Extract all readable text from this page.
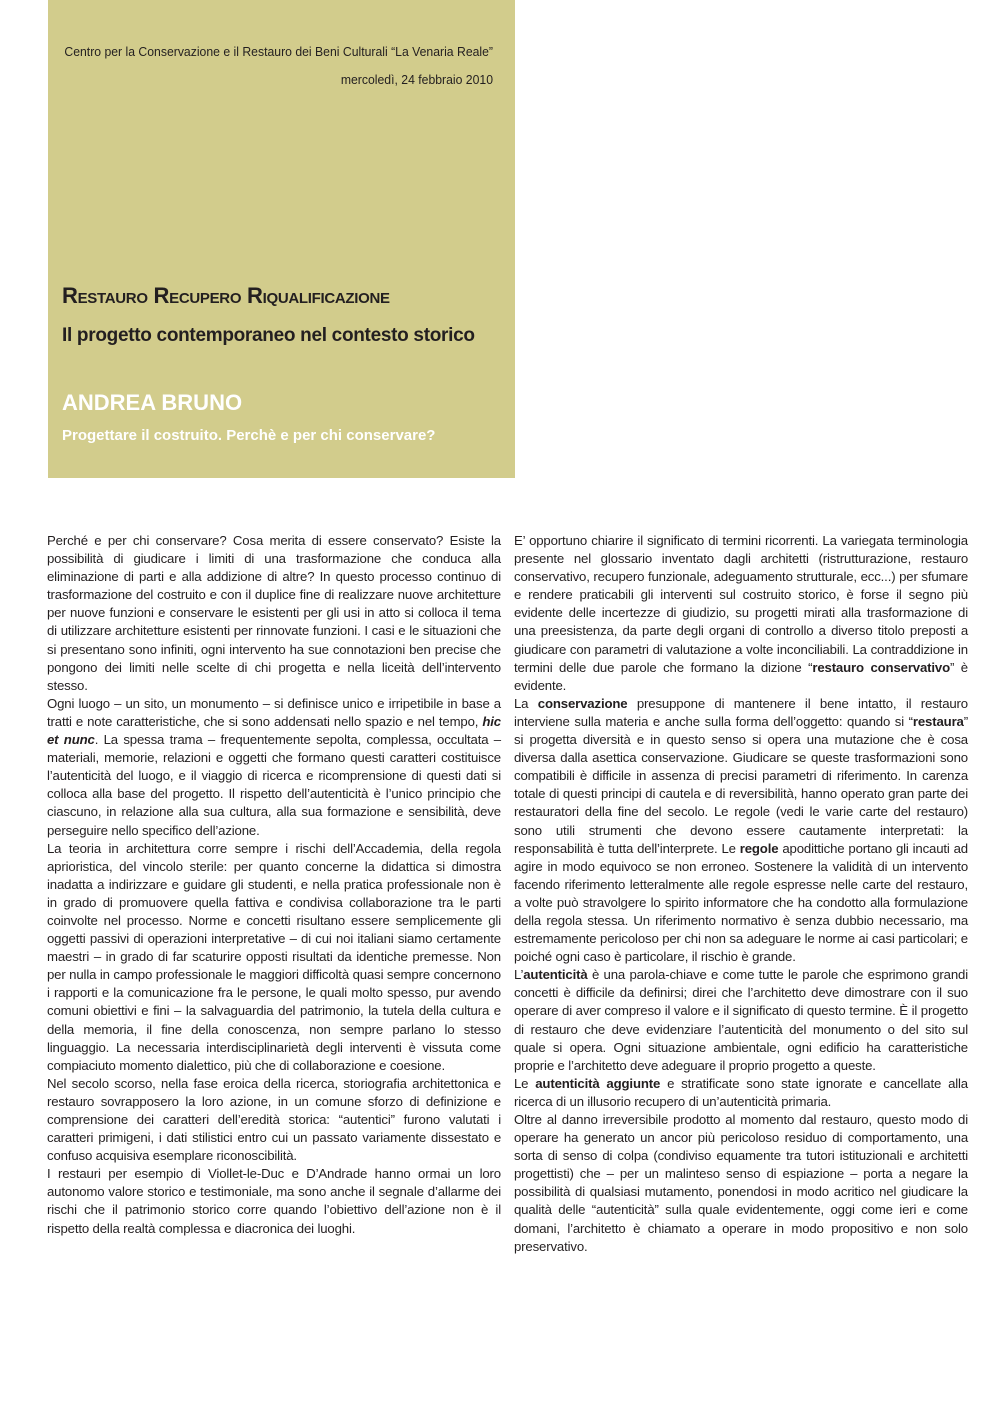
Centro per la Conservazione e il Restauro dei Beni Culturali “La Venaria Reale”
mercoledì, 24 febbraio 2010
Restauro Recupero Riqualificazione
Il progetto contemporaneo nel contesto storico
ANDREA BRUNO
Progettare il costruito. Perchè e per chi conservare?

Perché e per chi conservare? Cosa merita di essere conservato? Esiste la possibilità di giudicare i limiti di una trasformazione che conduca alla eliminazione di parti e alla addizione di altre? In questo processo continuo di trasformazione del costruito e con il duplice fine di realizzare nuove architetture per nuove funzioni e conservare le esistenti per gli usi in atto si colloca il tema di utilizzare architetture esistenti per rinnovate funzioni. I casi e le situazioni che si presentano sono infiniti, ogni intervento ha sue connotazioni ben precise che pongono dei limiti nelle scelte di chi progetta e nella liceità dell’intervento stesso.

Ogni luogo – un sito, un monumento – si definisce unico e irripetibile in base a tratti e note caratteristiche, che si sono addensati nello spazio e nel tempo, hic et nunc. La spessa trama – frequentemente sepolta, complessa, occultata – materiali, memorie, relazioni e oggetti che formano questi caratteri costituisce l’autenticità del luogo, e il viaggio di ricerca e ricomprensione di questi dati si colloca alla base del progetto. Il rispetto dell’autenticità è l’unico principio che ciascuno, in relazione alla sua cultura, alla sua formazione e sensibilità, deve perseguire nello specifico dell’azione.

La teoria in architettura corre sempre i rischi dell’Accademia, della regola aprioristica, del vincolo sterile: per quanto concerne la didattica si dimostra inadatta a indirizzare e guidare gli studenti, e nella pratica professionale non è in grado di promuovere quella fattiva e condivisa collaborazione tra le parti coinvolte nel processo. Norme e concetti risultano essere semplicemente gli oggetti passivi di operazioni interpretative – di cui noi italiani siamo certamente maestri – in grado di far scaturire opposti risultati da identiche premesse. Non per nulla in campo professionale le maggiori difficoltà quasi sempre concernono i rapporti e la comunicazione fra le persone, le quali molto spesso, pur avendo comuni obiettivi e fini – la salvaguardia del patrimonio, la tutela della cultura e della memoria, il fine della conoscenza, non sempre parlano lo stesso linguaggio. La necessaria interdisciplinarietà degli interventi è vissuta come compiaciuto momento dialettico, più che di collaborazione e coesione.

Nel secolo scorso, nella fase eroica della ricerca, storiografia architettonica e restauro sovrapposero la loro azione, in un comune sforzo di definizione e comprensione dei caratteri dell’eredità storica: “autentici” furono valutati i caratteri primigeni, i dati stilistici entro cui un passato variamente dissestato e confuso acquisiva esemplare riconoscibilità.

I restauri per esempio di Viollet-le-Duc e D’Andrade hanno ormai un loro autonomo valore storico e testimoniale, ma sono anche il segnale d’allarme dei rischi che il patrimonio storico corre quando l’obiettivo dell’azione non è il rispetto della realtà complessa e diacronica dei luoghi.

E’ opportuno chiarire il significato di termini ricorrenti. La variegata terminologia presente nel glossario inventato dagli architetti (ristrutturazione, restauro conservativo, recupero funzionale, adeguamento strutturale, ecc...) per sfumare e rendere praticabili gli interventi sul costruito storico, è forse il segno più evidente delle incertezze di giudizio, su progetti mirati alla trasformazione di una preesistenza, da parte degli organi di controllo a diverso titolo preposti a giudicare con parametri di valutazione a volte inconciliabili. La contraddizione in termini delle due parole che formano la dizione “restauro conservativo” è evidente.

La conservazione presuppone di mantenere il bene intatto, il restauro interviene sulla materia e anche sulla forma dell’oggetto: quando si “restaura” si progetta diversità e in questo senso si opera una mutazione che è cosa diversa dalla asettica conservazione. Giudicare se queste trasformazioni sono compatibili è difficile in assenza di precisi parametri di riferimento. In carenza totale di questi principi di cautela e di reversibilità, hanno operato gran parte dei restauratori della fine del secolo. Le regole (vedi le varie carte del restauro) sono utili strumenti che devono essere cautamente interpretati: la responsabilità è tutta dell’interprete. Le regole apodittiche portano gli incauti ad agire in modo equivoco se non erroneo. Sostenere la validità di un intervento facendo riferimento letteralmente alle regole espresse nelle carte del restauro, a volte può stravolgere lo spirito informatore che ha condotto alla formulazione della regola stessa. Un riferimento normativo è senza dubbio necessario, ma estremamente pericoloso per chi non sa adeguare le norme ai casi particolari; e poiché ogni caso è particolare, il rischio è grande.

L’autenticità è una parola-chiave e come tutte le parole che esprimono grandi concetti è difficile da definirsi; direi che l’architetto deve dimostrare con il suo operare di aver compreso il valore e il significato di questo termine. È il progetto di restauro che deve evidenziare l’autenticità del monumento o del sito sul quale si opera. Ogni situazione ambientale, ogni edificio ha caratteristiche proprie e l’architetto deve adeguare il proprio progetto a queste.

Le autenticità aggiunte e stratificate sono state ignorate e cancellate alla ricerca di un illusorio recupero di un’autenticità primaria.

Oltre al danno irreversibile prodotto al momento dal restauro, questo modo di operare ha generato un ancor più pericoloso residuo di comportamento, una sorta di senso di colpa (condiviso equamente tra tutori istituzionali e architetti progettisti) che – per un malinteso senso di espiazione – porta a negare la possibilità di qualsiasi mutamento, ponendosi in modo acritico nel giudicare la qualità delle “autenticità” sulla quale evidentemente, oggi come ieri e come domani, l’architetto è chiamato a operare in modo propositivo e non solo preservativo.
